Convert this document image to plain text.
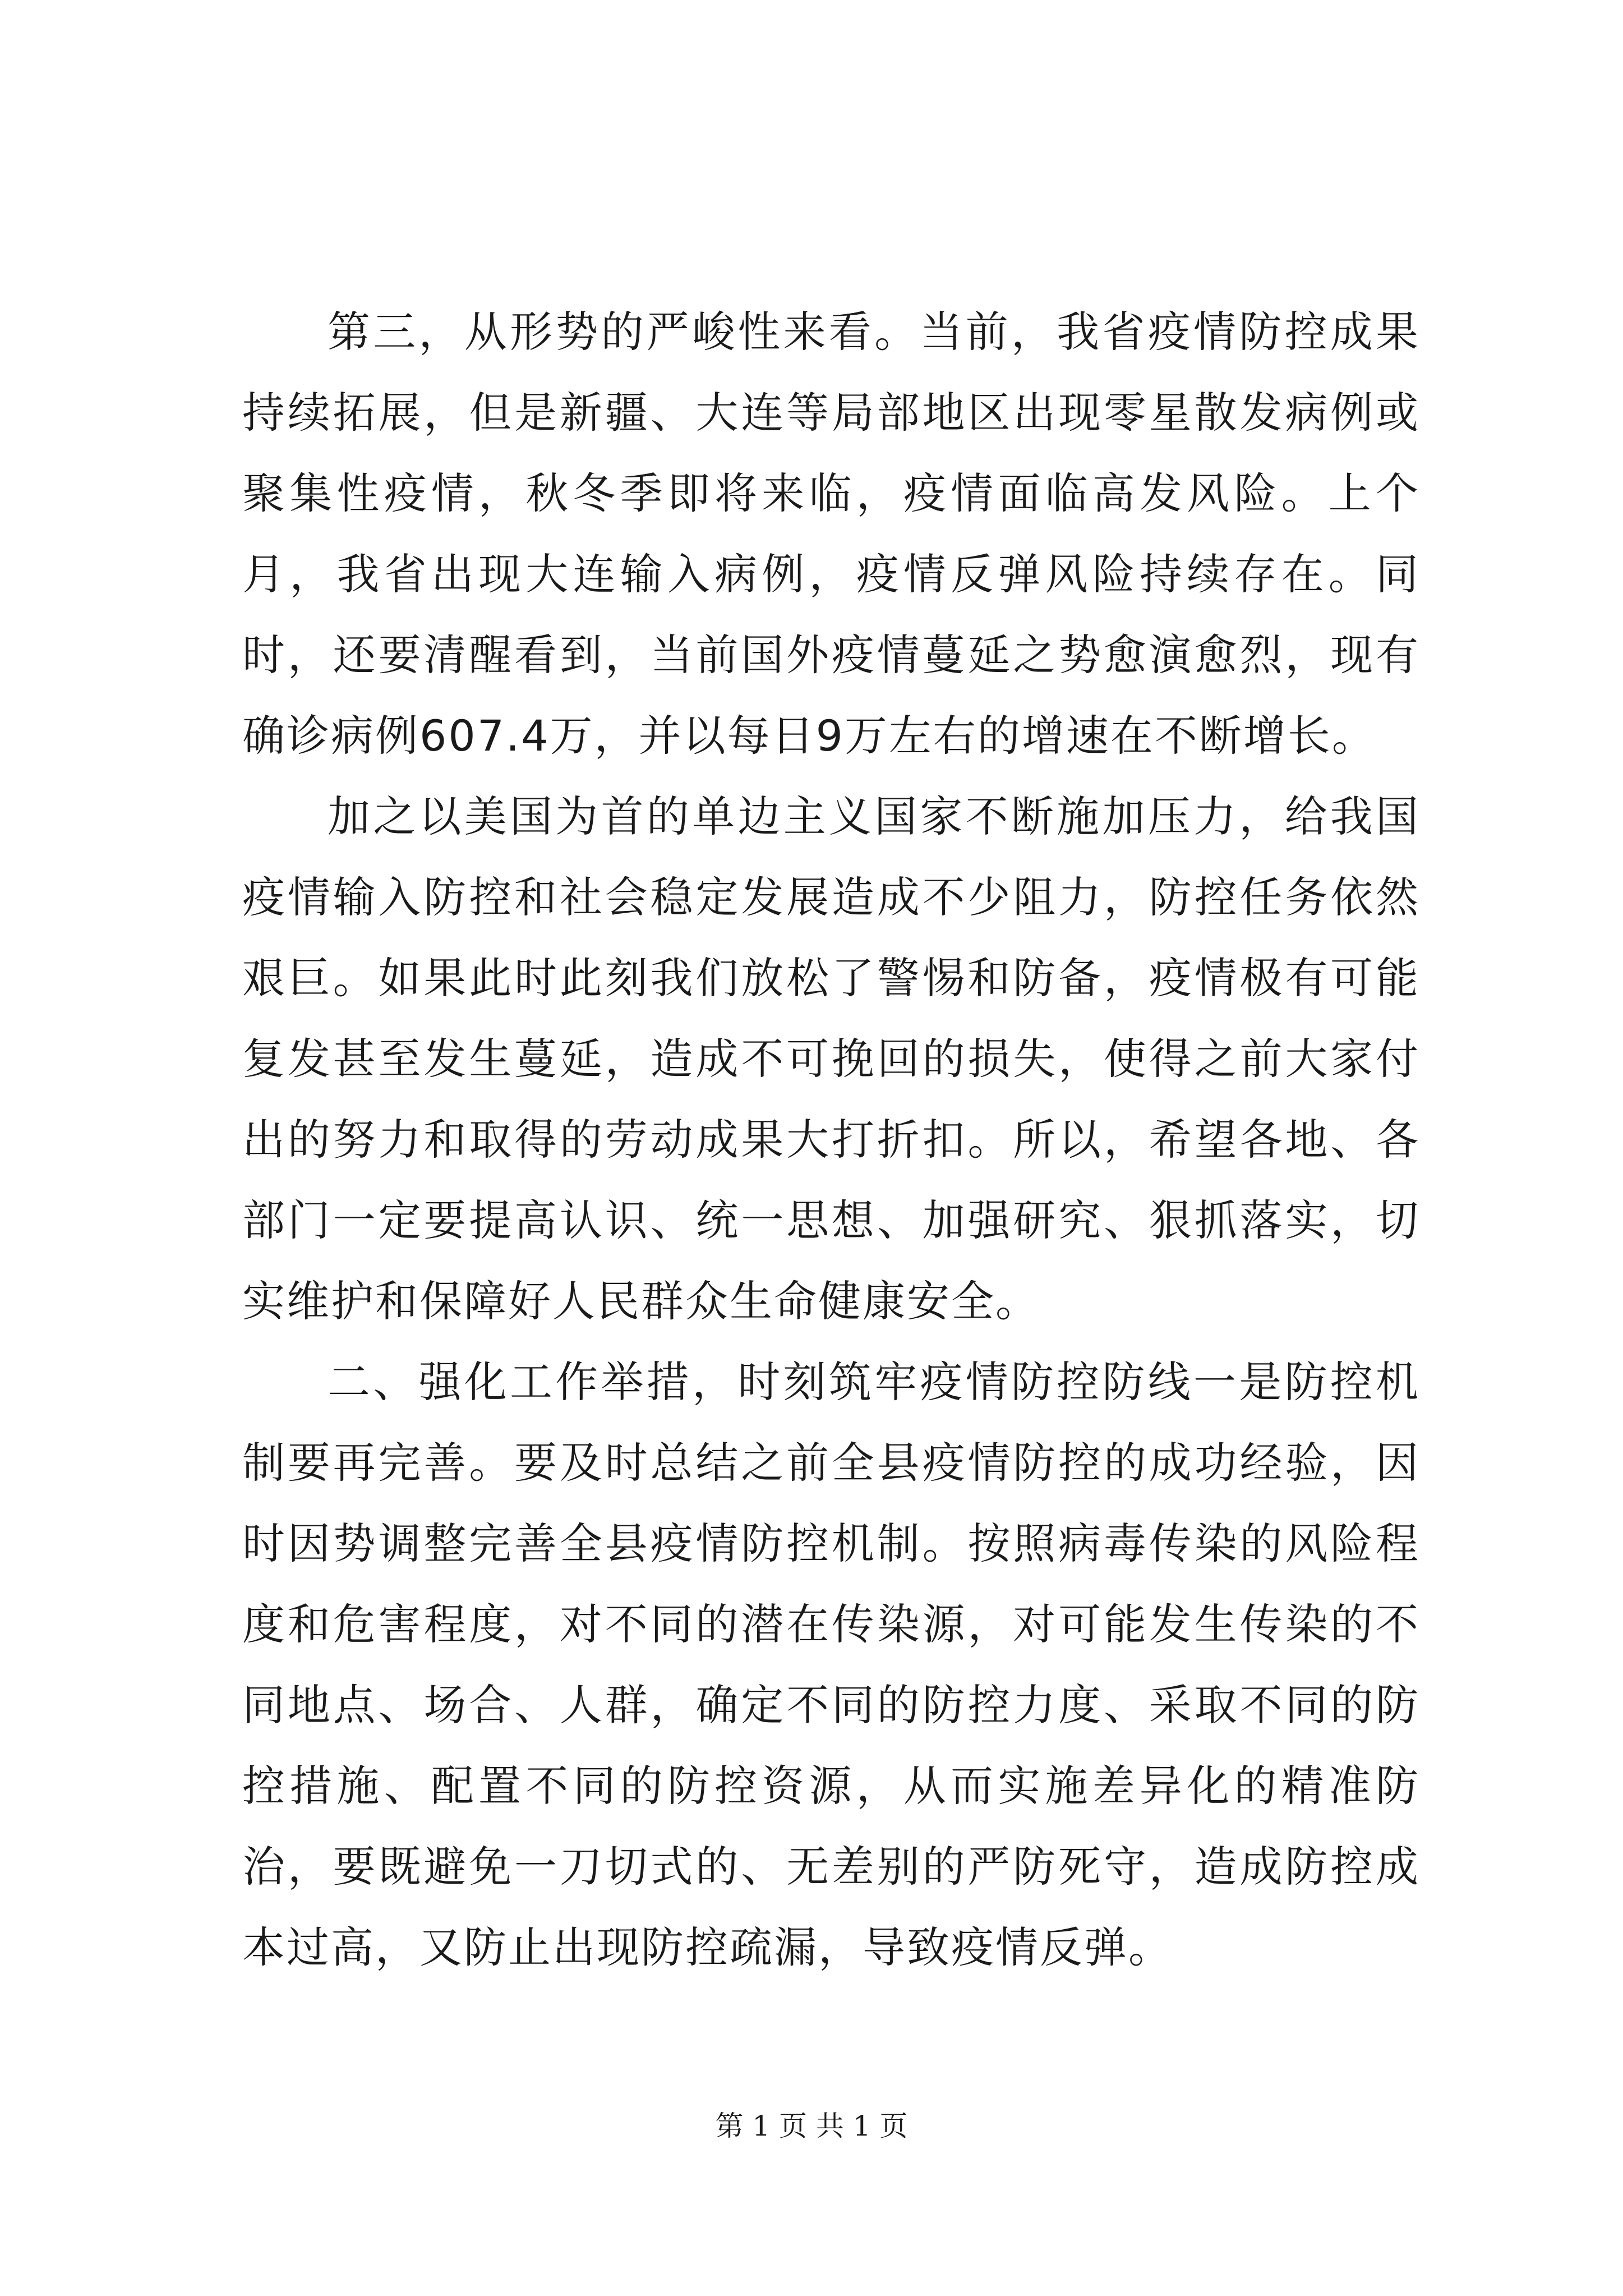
第三，从形势的严峻性来看。当前，我省疫情防控成果持续拓展，但是新疆、大连等局部地区出现零星散发病例或聚集性疫情，秋冬季即将来临，疫情面临高发风险。上个月，我省出现大连输入病例，疫情反弹风险持续存在。同时，还要清醒看到，当前国外疫情蔓延之势愈演愈烈，现有确诊病例607.4万，并以每日9万左右的增速在不断增长。

加之以美国为首的单边主义国家不断施加压力，给我国疫情输入防控和社会稳定发展造成不少阻力，防控任务依然艰巨。如果此时此刻我们放松了警惕和防备，疫情极有可能复发甚至发生蔓延，造成不可挽回的损失，使得之前大家付出的努力和取得的劳动成果大打折扣。所以，希望各地、各部门一定要提高认识、统一思想、加强研究、狠抓落实，切实维护和保障好人民群众生命健康安全。

二、强化工作举措，时刻筑牢疫情防控防线一是防控机制要再完善。要及时总结之前全县疫情防控的成功经验，因时因势调整完善全县疫情防控机制。按照病毒传染的风险程度和危害程度，对不同的潜在传染源，对可能发生传染的不同地点、场合、人群，确定不同的防控力度、采取不同的防控措施、配置不同的防控资源，从而实施差异化的精准防治，要既避免一刀切式的、无差别的严防死守，造成防控成本过高，又防止出现防控疏漏，导致疫情反弹。

第 1 页 共 1 页
